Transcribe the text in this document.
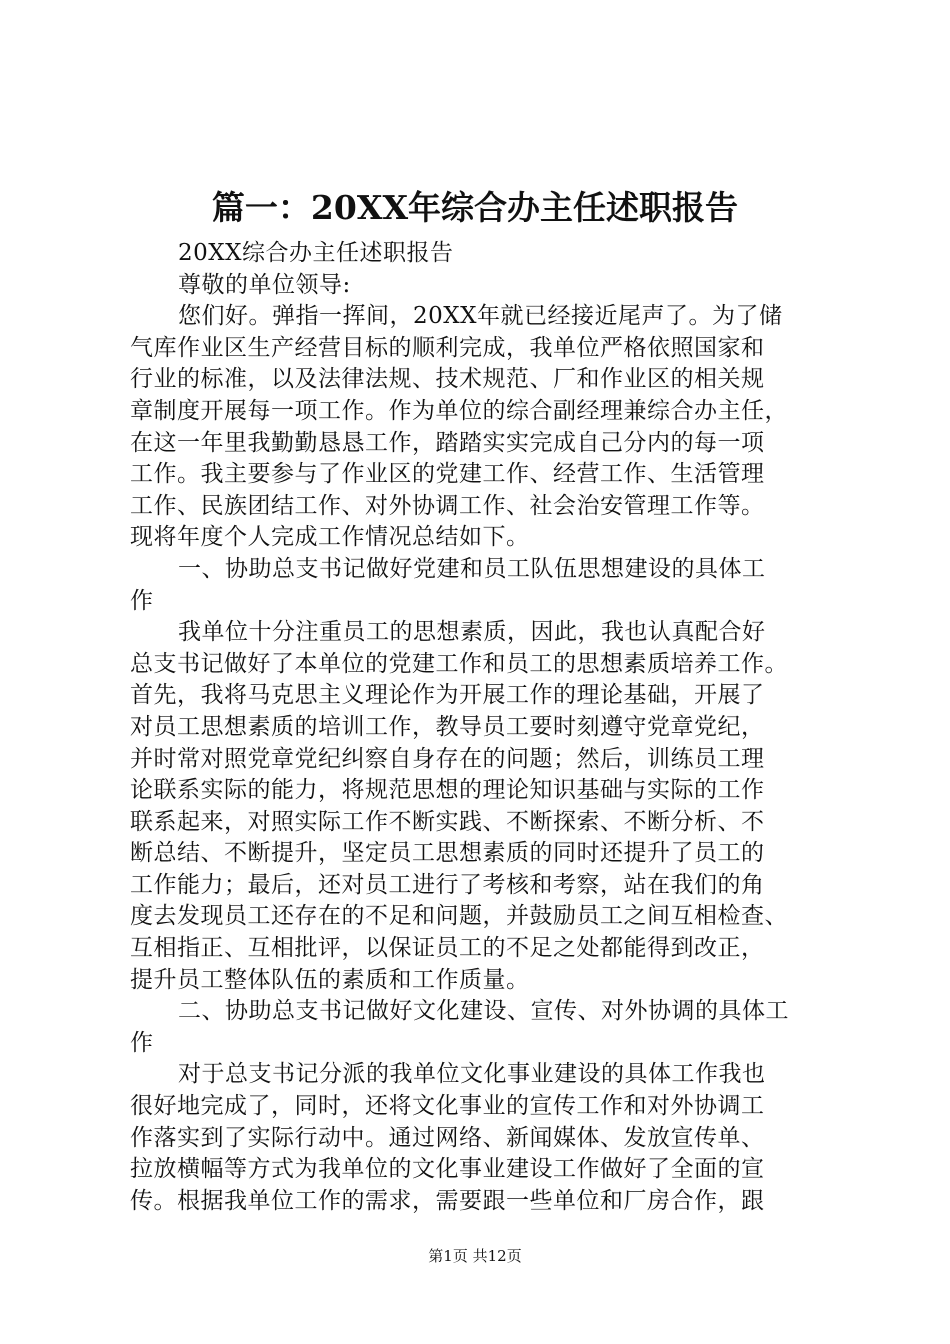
篇一：20XX年综合办主任述职报告
20XX综合办主任述职报告
尊敬的单位领导:
您们好。弹指一挥间，20XX年就已经接近尾声了。为了储
气库作业区生产经营目标的顺利完成，我单位严格依照国家和
行业的标准，以及法律法规、技术规范、厂和作业区的相关规
章制度开展每一项工作。作为单位的综合副经理兼综合办主任，
在这一年里我勤勤恳恳工作，踏踏实实完成自己分内的每一项
工作。我主要参与了作业区的党建工作、经营工作、生活管理
工作、民族团结工作、对外协调工作、社会治安管理工作等。
现将年度个人完成工作情况总结如下。
一、协助总支书记做好党建和员工队伍思想建设的具体工
作
我单位十分注重员工的思想素质，因此，我也认真配合好
总支书记做好了本单位的党建工作和员工的思想素质培养工作。
首先，我将马克思主义理论作为开展工作的理论基础，开展了
对员工思想素质的培训工作，教导员工要时刻遵守党章党纪，
并时常对照党章党纪纠察自身存在的问题；然后，训练员工理
论联系实际的能力，将规范思想的理论知识基础与实际的工作
联系起来，对照实际工作不断实践、不断探索、不断分析、不
断总结、不断提升，坚定员工思想素质的同时还提升了员工的
工作能力；最后，还对员工进行了考核和考察，站在我们的角
度去发现员工还存在的不足和问题，并鼓励员工之间互相检查、
互相指正、互相批评，以保证员工的不足之处都能得到改正，
提升员工整体队伍的素质和工作质量。
二、协助总支书记做好文化建设、宣传、对外协调的具体工
作
对于总支书记分派的我单位文化事业建设的具体工作我也
很好地完成了，同时，还将文化事业的宣传工作和对外协调工
作落实到了实际行动中。通过网络、新闻媒体、发放宣传单、
拉放横幅等方式为我单位的文化事业建设工作做好了全面的宣
传。根据我单位工作的需求，需要跟一些单位和厂房合作，跟
第1页 共12页
